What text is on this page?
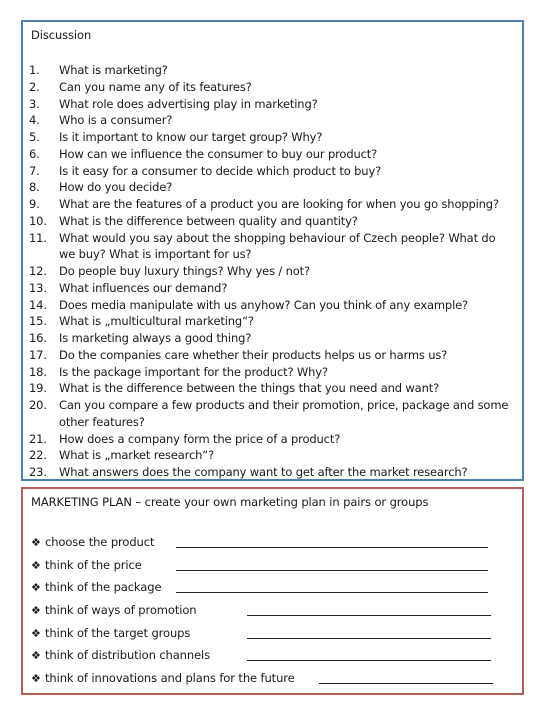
Discussion
1. What is marketing?
2. Can you name any of its features?
3. What role does advertising play in marketing?
4. Who is a consumer?
5. Is it important to know our target group? Why?
6. How can we influence the consumer to buy our product?
7. Is it easy for a consumer to decide which product to buy?
8. How do you decide?
9. What are the features of a product you are looking for when you go shopping?
10. What is the difference between quality and quantity?
11. What would you say about the shopping behaviour of Czech people? What do we buy? What is important for us?
12. Do people buy luxury things? Why yes / not?
13. What influences our demand?
14. Does media manipulate with us anyhow? Can you think of any example?
15. What is „multicultural marketing“?
16. Is marketing always a good thing?
17. Do the companies care whether their products helps us or harms us?
18. Is the package important for the product? Why?
19. What is the difference between the things that you need and want?
20. Can you compare a few products and their promotion, price, package and some other features?
21. How does a company form the price of a product?
22. What is „market research“?
23. What answers does the company want to get after the market research?
MARKETING PLAN – create your own marketing plan in pairs or groups
❖ choose the product
❖ think of the price
❖ think of the package
❖ think of ways of promotion
❖ think of the target groups
❖ think of distribution channels
❖ think of innovations and plans for the future
